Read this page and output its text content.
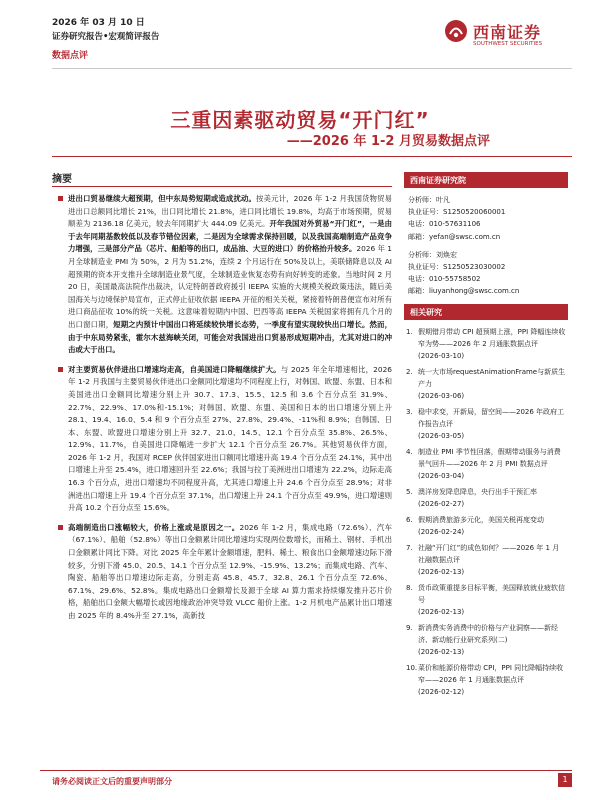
2026 年 03 月 10 日
证券研究报告•宏观简评报告
数据点评
西南证券
SOUTHWEST SECURITIES
三重因素驱动贸易“开门红”
——2026 年 1-2 月贸易数据点评
摘要

进出口贸易继续大超预期，但中东局势短期或造成扰动。按美元计，2026 年 1-2 月我国货物贸易进出口总额同比增长 21%，出口同比增长 21.8%，进口同比增长 19.8%，均高于市场预期，贸易顺差为 2136.18 亿美元，较去年同期扩大 444.09 亿美元。开年我国对外贸易“开门红”，一是由于去年同期基数较低以及春节错位因素，二是因为全球需求保持回暖，以及我国高端制造产品竞争力增强，三是部分产品（芯片、船舶等的出口，成品油、大豆的进口）的价格抬升较多。2026 年 1 月全球制造业 PMI 为 50%，2 月为 51.2%，连续 2 个月运行在 50%及以上，美联储降息以及 AI 超预期的资本开支推升全球制造业景气度，全球制造业恢复态势有向好转变的迹象。当地时间 2 月 20 日，美国最高法院作出裁决，认定特朗普政府援引 IEEPA 实施的大规模关税政策违法，随后美国海关与边境保护局宣布，正式停止征收依据 IEEPA 开征的相关关税，紧接着特朗普便宣布对所有进口商品征收 10%的统一关税。这意味着短期内中国、巴西等高 IEEPA 关税国家将拥有几个月的出口窗口期，短期之内预计中国出口将延续较快增长态势，一季度有望实现较快出口增长。然而，由于中东局势紧张，霍尔木兹海峡关闭，可能会对我国进出口贸易形成短期冲击，尤其对进口的冲击或大于出口。

对主要贸易伙伴进出口增速均走高，自美国进口降幅继续扩大。与 2025 年全年增速相比，2026 年 1-2 月我国与主要贸易伙伴进出口金额同比增速均不同程度上行，对韩国、欧盟、东盟、日本和美国进出口金额同比增速分别上升 30.7、17.3、15.5、12.5 和 3.6 个百分点至 31.9%、22.7%、22.9%、17.0%和-15.1%；对韩国、欧盟、东盟、美国和日本的出口增速分别上升 28.1、19.4、16.0、5.4 和 9 个百分点至 27%、27.8%、29.4%、-11%和 8.9%；自韩国、日本、东盟、欧盟进口增速分别上升 32.7、21.0、14.5、12.1 个百分点至 35.8%、26.5%、12.9%、11.7%，自美国进口降幅进一步扩大 12.1 个百分点至 26.7%。其他贸易伙伴方面，2026 年 1-2 月，我国对 RCEP 伙伴国家进出口额同比增速升高 19.4 个百分点至 24.1%，其中出口增速上升至 25.4%，进口增速回升至 22.6%；我国与拉丁美洲进出口增速为 22.2%，边际走高 16.3 个百分点，进出口增速均不同程度升高，尤其进口增速上升 24.6 个百分点至 28.9%；对非洲进出口增速上升 19.4 个百分点至 37.1%，出口增速上升 24.1 个百分点至 49.9%，进口增速则升高 10.2 个百分点至 15.6%。

高端制造出口涨幅较大，价格上涨或是原因之一。2026 年 1-2 月，集成电路（72.6%）、汽车（67.1%）、船舶（52.8%）等出口金额累计同比增速均实现两位数增长，而稀土、钢材、手机出口金额累计同比下降。对比 2025 年全年累计金额增速，肥料、稀土、粮食出口金额增速边际下滑较多，分别下滑 45.0、20.5、14.1 个百分点至 12.9%、-15.9%、13.2%；而集成电路、汽车、陶瓷、船舶等出口增速边际走高，分别走高 45.8、45.7、32.8、26.1 个百分点至 72.6%、67.1%、29.6%、52.8%。集成电路出口金额增长及源于全球 AI 算力需求持续爆发推升芯片价格，船舶出口金额大幅增长或因地缘政治冲突导致 VLCC 船价上涨。1-2 月机电产品累计出口增速由 2025 年的 8.4%升至 27.1%，高新技

西南证券研究院
分析师：叶凡
执业证号：S1250520060001
电话：010-57631106
邮箱：yefan@swsc.com.cn
分析师：刘焕宏
执业证号：S1250523030002
电话：010-55758502
邮箱：liuyanhong@swsc.com.cn
相关研究
1. 假期错月带动 CPI 超预期上涨，PPI 降幅连续收窄为势——2026 年 2 月通胀数据点评
(2026-03-10)
2. 统一大市场requestAnimationFrame与新质生产力
(2026-03-06)
3. 稳中求变，开新局，留空间——2026 年政府工作报告点评
(2026-03-05)
4. 制造业 PMI 季节性回落，假期带动服务与消费景气回升——2026 年 2 月 PMI 数据点评
(2026-03-04)
5. 澳洋房发降息降息，央行出手干预汇率
(2026-02-27)
6. 假期消费旅游多元化，美国关税再度变动
(2026-02-24)
7. 社融“开门红”的成色如何？——2026 年 1 月社融数据点评
(2026-02-13)
8. 货币政策重提多目标平衡，美国释放就业疲软信号
(2026-02-13)
9. 新消费实务消费中的价格与产业洞察——新经济、新动能行业研究系列(二)
(2026-02-13)
10. 菜价和能源价格带动 CPI，PPI 同比降幅持续收窄——2026 年 1 月通胀数据点评
(2026-02-12)
请务必阅读正文后的重要声明部分	1
